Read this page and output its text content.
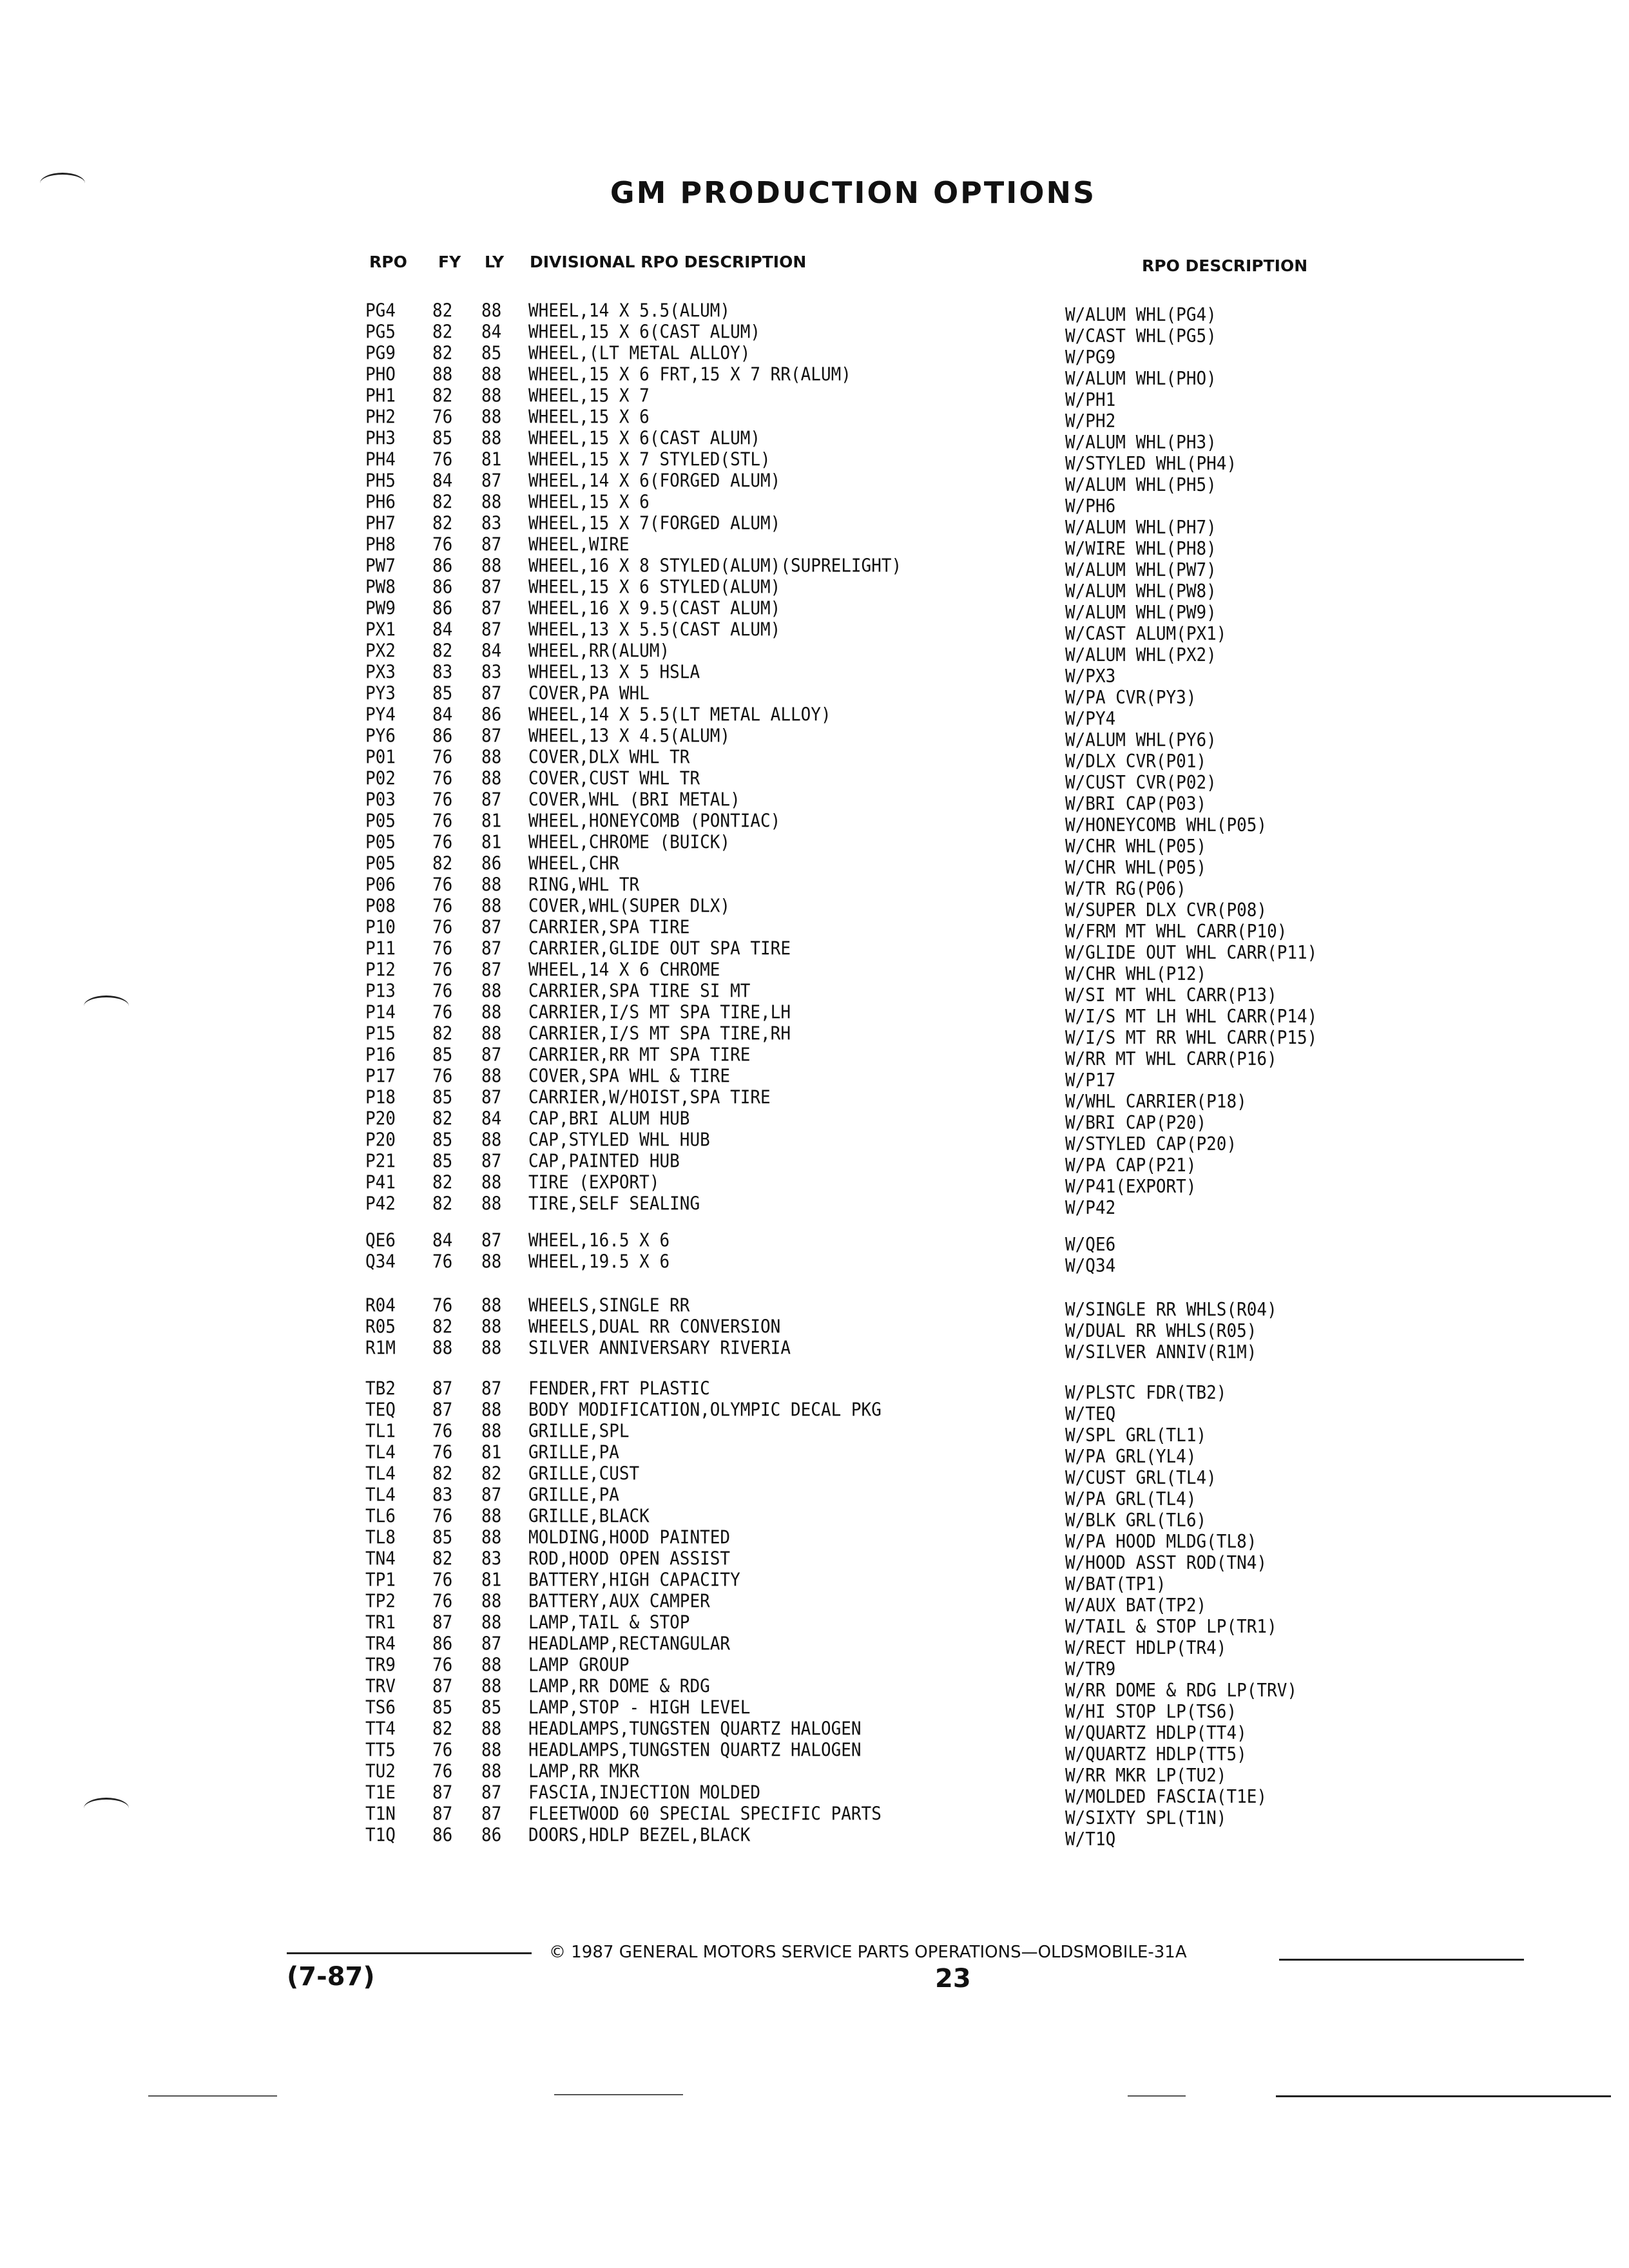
GM PRODUCTION OPTIONS
RPO FY LY DIVISIONAL RPO DESCRIPTION	RPO DESCRIPTION
PG4 82 88 WHEEL,14 X 5.5(ALUM)	W/ALUM WHL(PG4)
PG5 82 84 WHEEL,15 X 6(CAST ALUM)	W/CAST WHL(PG5)
PG9 82 85 WHEEL,(LT METAL ALLOY)	W/PG9
PHO 88 88 WHEEL,15 X 6 FRT,15 X 7 RR(ALUM)	W/ALUM WHL(PHO)
PH1 82 88 WHEEL,15 X 7	W/PH1
PH2 76 88 WHEEL,15 X 6	W/PH2
PH3 85 88 WHEEL,15 X 6(CAST ALUM)	W/ALUM WHL(PH3)
PH4 76 81 WHEEL,15 X 7 STYLED(STL)	W/STYLED WHL(PH4)
PH5 84 87 WHEEL,14 X 6(FORGED ALUM)	W/ALUM WHL(PH5)
PH6 82 88 WHEEL,15 X 6	W/PH6
PH7 82 83 WHEEL,15 X 7(FORGED ALUM)	W/ALUM WHL(PH7)
PH8 76 87 WHEEL,WIRE	W/WIRE WHL(PH8)
PW7 86 88 WHEEL,16 X 8 STYLED(ALUM)(SUPRELIGHT)	W/ALUM WHL(PW7)
PW8 86 87 WHEEL,15 X 6 STYLED(ALUM)	W/ALUM WHL(PW8)
PW9 86 87 WHEEL,16 X 9.5(CAST ALUM)	W/ALUM WHL(PW9)
PX1 84 87 WHEEL,13 X 5.5(CAST ALUM)	W/CAST ALUM(PX1)
PX2 82 84 WHEEL,RR(ALUM)	W/ALUM WHL(PX2)
PX3 83 83 WHEEL,13 X 5 HSLA	W/PX3
PY3 85 87 COVER,PA WHL	W/PA CVR(PY3)
PY4 84 86 WHEEL,14 X 5.5(LT METAL ALLOY)	W/PY4
PY6 86 87 WHEEL,13 X 4.5(ALUM)	W/ALUM WHL(PY6)
P01 76 88 COVER,DLX WHL TR	W/DLX CVR(P01)
P02 76 88 COVER,CUST WHL TR	W/CUST CVR(P02)
P03 76 87 COVER,WHL (BRI METAL)	W/BRI CAP(P03)
P05 76 81 WHEEL,HONEYCOMB (PONTIAC)	W/HONEYCOMB WHL(P05)
P05 76 81 WHEEL,CHROME (BUICK)	W/CHR WHL(P05)
P05 82 86 WHEEL,CHR	W/CHR WHL(P05)
P06 76 88 RING,WHL TR	W/TR RG(P06)
P08 76 88 COVER,WHL(SUPER DLX)	W/SUPER DLX CVR(P08)
P10 76 87 CARRIER,SPA TIRE	W/FRM MT WHL CARR(P10)
P11 76 87 CARRIER,GLIDE OUT SPA TIRE	W/GLIDE OUT WHL CARR(P11)
P12 76 87 WHEEL,14 X 6 CHROME	W/CHR WHL(P12)
P13 76 88 CARRIER,SPA TIRE SI MT	W/SI MT WHL CARR(P13)
P14 76 88 CARRIER,I/S MT SPA TIRE,LH	W/I/S MT LH WHL CARR(P14)
P15 82 88 CARRIER,I/S MT SPA TIRE,RH	W/I/S MT RR WHL CARR(P15)
P16 85 87 CARRIER,RR MT SPA TIRE	W/RR MT WHL CARR(P16)
P17 76 88 COVER,SPA WHL & TIRE	W/P17
P18 85 87 CARRIER,W/HOIST,SPA TIRE	W/WHL CARRIER(P18)
P20 82 84 CAP,BRI ALUM HUB	W/BRI CAP(P20)
P20 85 88 CAP,STYLED WHL HUB	W/STYLED CAP(P20)
P21 85 87 CAP,PAINTED HUB	W/PA CAP(P21)
P41 82 88 TIRE (EXPORT)	W/P41(EXPORT)
P42 82 88 TIRE,SELF SEALING	W/P42
QE6 84 87 WHEEL,16.5 X 6	W/QE6
Q34 76 88 WHEEL,19.5 X 6	W/Q34
R04 76 88 WHEELS,SINGLE RR	W/SINGLE RR WHLS(R04)
R05 82 88 WHEELS,DUAL RR CONVERSION	W/DUAL RR WHLS(R05)
R1M 88 88 SILVER ANNIVERSARY RIVERIA	W/SILVER ANNIV(R1M)
TB2 87 87 FENDER,FRT PLASTIC	W/PLSTC FDR(TB2)
TEQ 87 88 BODY MODIFICATION,OLYMPIC DECAL PKG	W/TEQ
TL1 76 88 GRILLE,SPL	W/SPL GRL(TL1)
TL4 76 81 GRILLE,PA	W/PA GRL(YL4)
TL4 82 82 GRILLE,CUST	W/CUST GRL(TL4)
TL4 83 87 GRILLE,PA	W/PA GRL(TL4)
TL6 76 88 GRILLE,BLACK	W/BLK GRL(TL6)
TL8 85 88 MOLDING,HOOD PAINTED	W/PA HOOD MLDG(TL8)
TN4 82 83 ROD,HOOD OPEN ASSIST	W/HOOD ASST ROD(TN4)
TP1 76 81 BATTERY,HIGH CAPACITY	W/BAT(TP1)
TP2 76 88 BATTERY,AUX CAMPER	W/AUX BAT(TP2)
TR1 87 88 LAMP,TAIL & STOP	W/TAIL & STOP LP(TR1)
TR4 86 87 HEADLAMP,RECTANGULAR	W/RECT HDLP(TR4)
TR9 76 88 LAMP GROUP	W/TR9
TRV 87 88 LAMP,RR DOME & RDG	W/RR DOME & RDG LP(TRV)
TS6 85 85 LAMP,STOP - HIGH LEVEL	W/HI STOP LP(TS6)
TT4 82 88 HEADLAMPS,TUNGSTEN QUARTZ HALOGEN	W/QUARTZ HDLP(TT4)
TT5 76 88 HEADLAMPS,TUNGSTEN QUARTZ HALOGEN	W/QUARTZ HDLP(TT5)
TU2 76 88 LAMP,RR MKR	W/RR MKR LP(TU2)
T1E 87 87 FASCIA,INJECTION MOLDED	W/MOLDED FASCIA(T1E)
T1N 87 87 FLEETWOOD 60 SPECIAL SPECIFIC PARTS	W/SIXTY SPL(T1N)
T1Q 86 86 DOORS,HDLP BEZEL,BLACK	W/T1Q
© 1987 GENERAL MOTORS SERVICE PARTS OPERATIONS—OLDSMOBILE-31A
(7-87)	23
